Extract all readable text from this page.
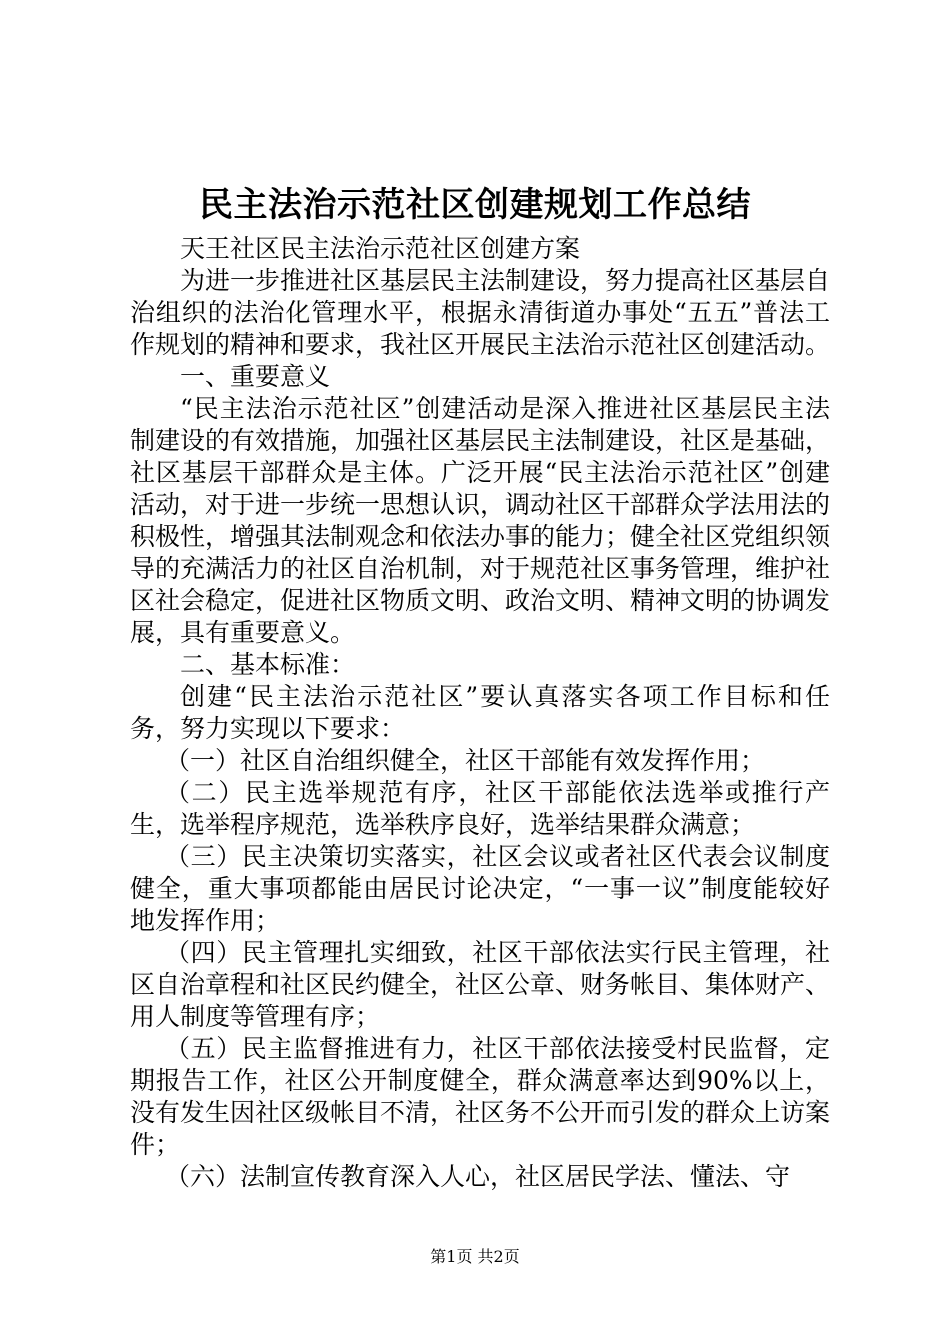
民主法治示范社区创建规划工作总结

天王社区民主法治示范社区创建方案

为进一步推进社区基层民主法制建设，努力提高社区基层自治组织的法治化管理水平，根据永清街道办事处“五五”普法工作规划的精神和要求，我社区开展民主法治示范社区创建活动。

一、重要意义

“民主法治示范社区”创建活动是深入推进社区基层民主法制建设的有效措施，加强社区基层民主法制建设，社区是基础，社区基层干部群众是主体。广泛开展“民主法治示范社区”创建活动，对于进一步统一思想认识，调动社区干部群众学法用法的积极性，增强其法制观念和依法办事的能力；健全社区党组织领导的充满活力的社区自治机制，对于规范社区事务管理，维护社区社会稳定，促进社区物质文明、政治文明、精神文明的协调发展，具有重要意义。

二、基本标准：

创建“民主法治示范社区”要认真落实各项工作目标和任务，努力实现以下要求：

（一）社区自治组织健全，社区干部能有效发挥作用；

（二）民主选举规范有序，社区干部能依法选举或推行产生，选举程序规范，选举秩序良好，选举结果群众满意；

（三）民主决策切实落实，社区会议或者社区代表会议制度健全，重大事项都能由居民讨论决定，“一事一议”制度能较好地发挥作用；

（四）民主管理扎实细致，社区干部依法实行民主管理，社区自治章程和社区民约健全，社区公章、财务帐目、集体财产、用人制度等管理有序；

（五）民主监督推进有力，社区干部依法接受村民监督，定期报告工作，社区公开制度健全，群众满意率达到90%以上，没有发生因社区级帐目不清，社区务不公开而引发的群众上访案件；

（六）法制宣传教育深入人心，社区居民学法、懂法、守

第1页 共2页
